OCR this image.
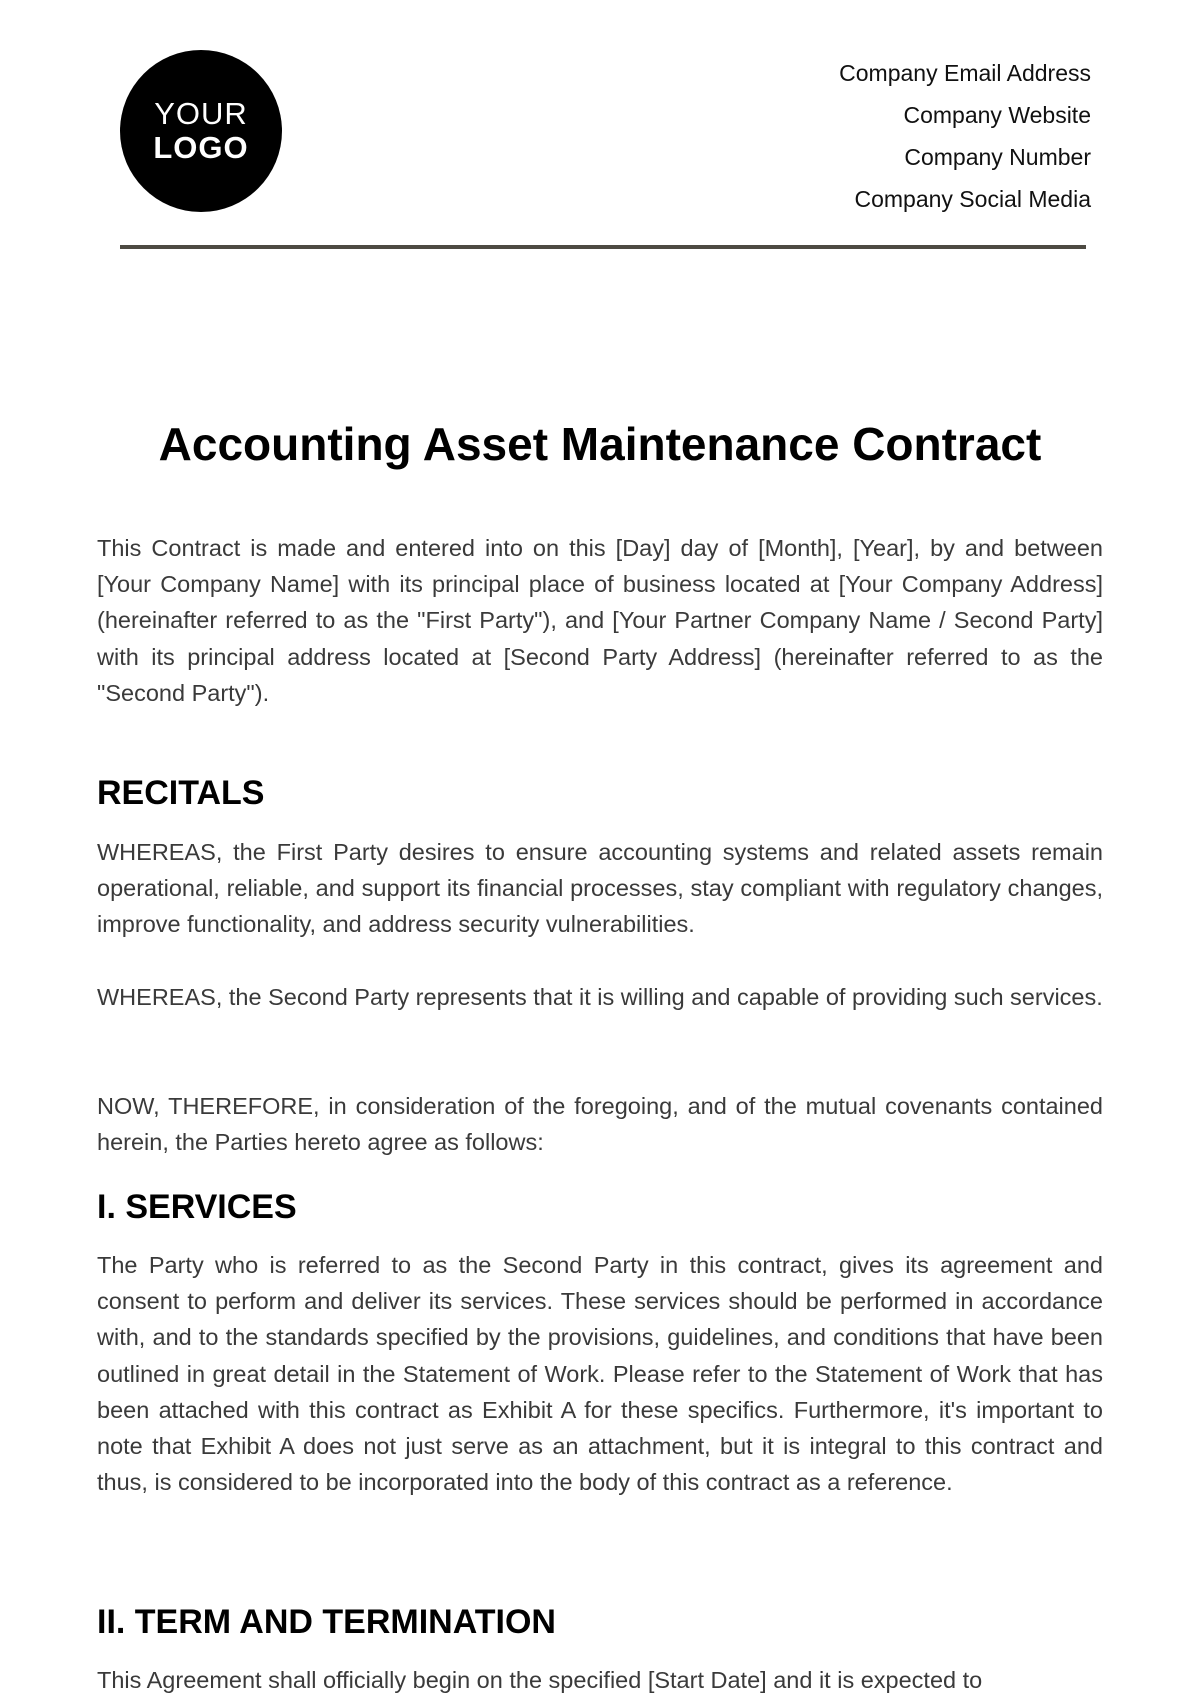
YOUR
LOGO
Company Email Address
Company Website
Company Number
Company Social Media
Accounting Asset Maintenance Contract

This Contract is made and entered into on this [Day] day of [Month], [Year], by and between [Your Company Name] with its principal place of business located at [Your Company Address] (hereinafter referred to as the "First Party"), and [Your Partner Company Name / Second Party] with its principal address located at [Second Party Address] (hereinafter referred to as the "Second Party").

RECITALS

WHEREAS, the First Party desires to ensure accounting systems and related assets remain operational, reliable, and support its financial processes, stay compliant with regulatory changes, improve functionality, and address security vulnerabilities.

WHEREAS, the Second Party represents that it is willing and capable of providing such services.

NOW, THEREFORE, in consideration of the foregoing, and of the mutual covenants contained herein, the Parties hereto agree as follows:

I. SERVICES

The Party who is referred to as the Second Party in this contract, gives its agreement and consent to perform and deliver its services. These services should be performed in accordance with, and to the standards specified by the provisions, guidelines, and conditions that have been outlined in great detail in the Statement of Work. Please refer to the Statement of Work that has been attached with this contract as Exhibit A for these specifics. Furthermore, it's important to note that Exhibit A does not just serve as an attachment, but it is integral to this contract and thus, is considered to be incorporated into the body of this contract as a reference.

II. TERM AND TERMINATION

This Agreement shall officially begin on the specified [Start Date] and it is expected to
